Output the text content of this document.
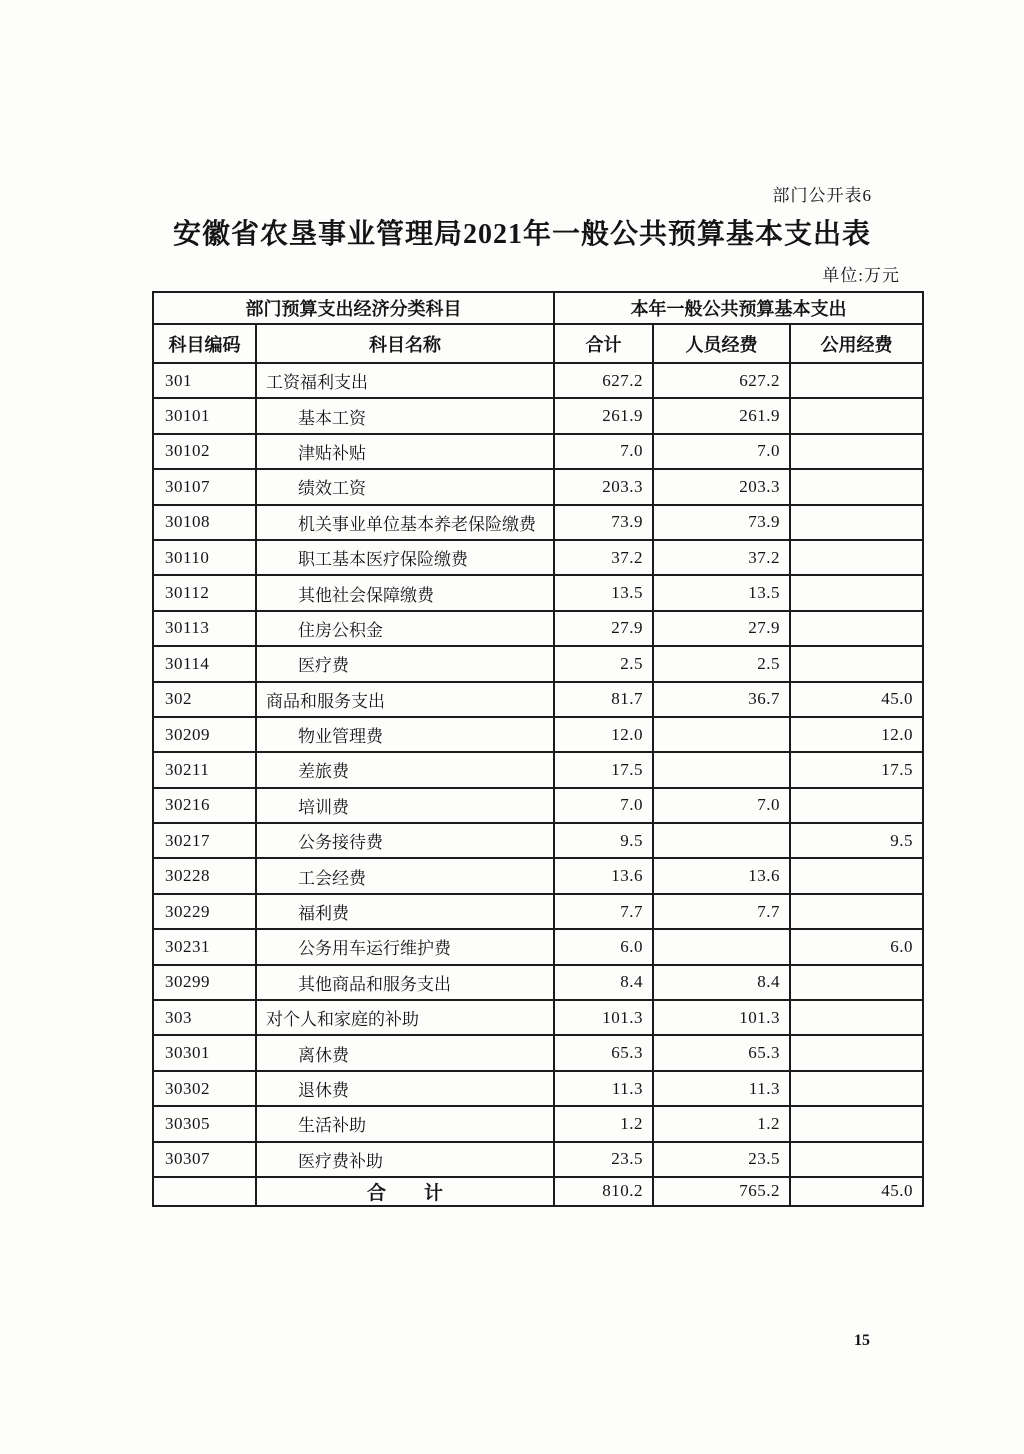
部门公开表6
安徽省农垦事业管理局2021年一般公共预算基本支出表
单位:万元
部门预算支出经济分类科目		本年一般公共预算基本支出		
科目编码	科目名称	合计	人员经费	公用经费
301	工资福利支出	627.2	627.2	
30101	基本工资	261.9	261.9	
30102	津贴补贴	7.0	7.0	
30107	绩效工资	203.3	203.3	
30108	机关事业单位基本养老保险缴费	73.9	73.9	
30110	职工基本医疗保险缴费	37.2	37.2	
30112	其他社会保障缴费	13.5	13.5	
30113	住房公积金	27.9	27.9	
30114	医疗费	2.5	2.5	
302	商品和服务支出	81.7	36.7	45.0
30209	物业管理费	12.0		12.0
30211	差旅费	17.5		17.5
30216	培训费	7.0	7.0	
30217	公务接待费	9.5		9.5
30228	工会经费	13.6	13.6	
30229	福利费	7.7	7.7	
30231	公务用车运行维护费	6.0		6.0
30299	其他商品和服务支出	8.4	8.4	
303	对个人和家庭的补助	101.3	101.3	
30301	离休费	65.3	65.3	
30302	退休费	11.3	11.3	
30305	生活补助	1.2	1.2	
30307	医疗费补助	23.5	23.5	
	合　　计	810.2	765.2	45.0
15
